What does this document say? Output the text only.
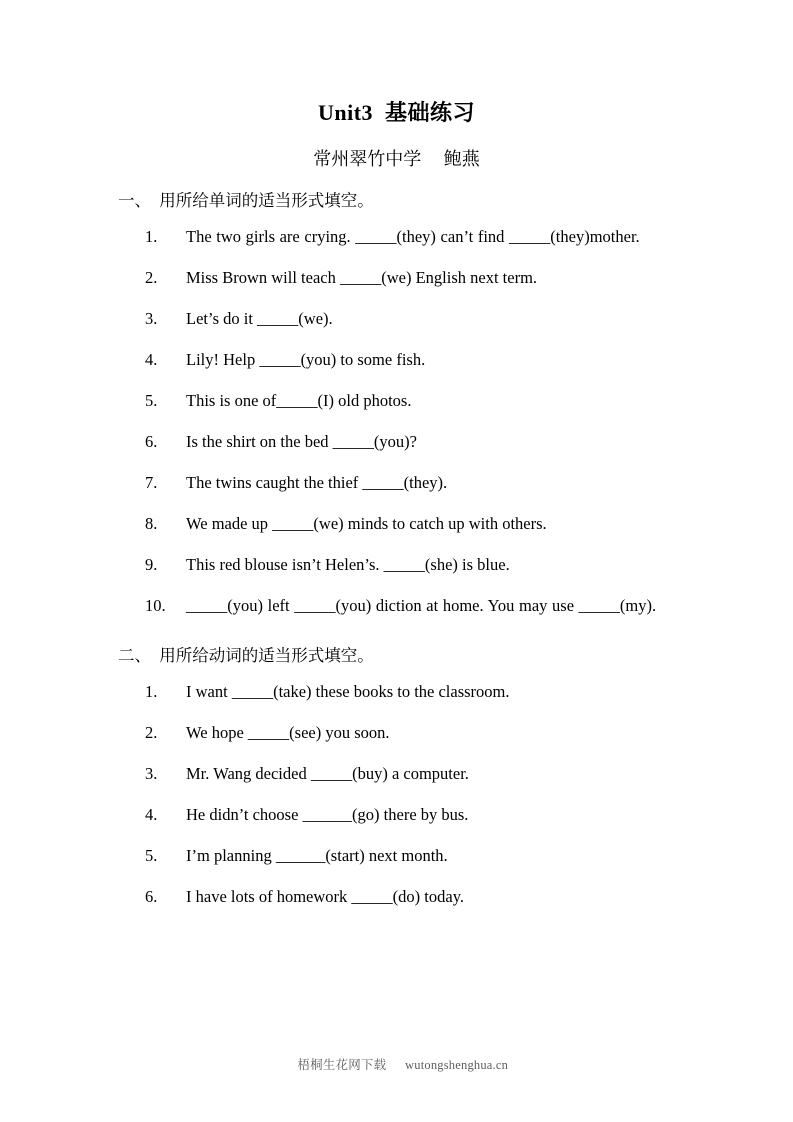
Unit3  基础练习
常州翠竹中学     鲍燕
一、  用所给单词的适当形式填空。
1.	The two girls are crying. _____(they) can’t find _____(they)mother.
2.	Miss Brown will teach _____(we) English next term.
3.	Let’s do it _____(we).
4.	Lily! Help _____(you) to some fish.
5.	This is one of_____(I) old photos.
6.	Is the shirt on the bed _____(you)?
7.	The twins caught the thief _____(they).
8.	We made up _____(we) minds to catch up with others.
9.	This red blouse isn’t Helen’s. _____(she) is blue.
10.	_____(you) left _____(you) diction at home. You may use _____(my).
二、  用所给动词的适当形式填空。
1.	I want _____(take) these books to the classroom.
2.	We hope _____(see) you soon.
3.	Mr. Wang decided _____(buy) a computer.
4.	He didn’t choose ______(go) there by bus.
5.	I’m planning ______(start) next month.
6.	I have lots of homework _____(do) today.

梧桐生花网下载 wutongshenghua.cn
